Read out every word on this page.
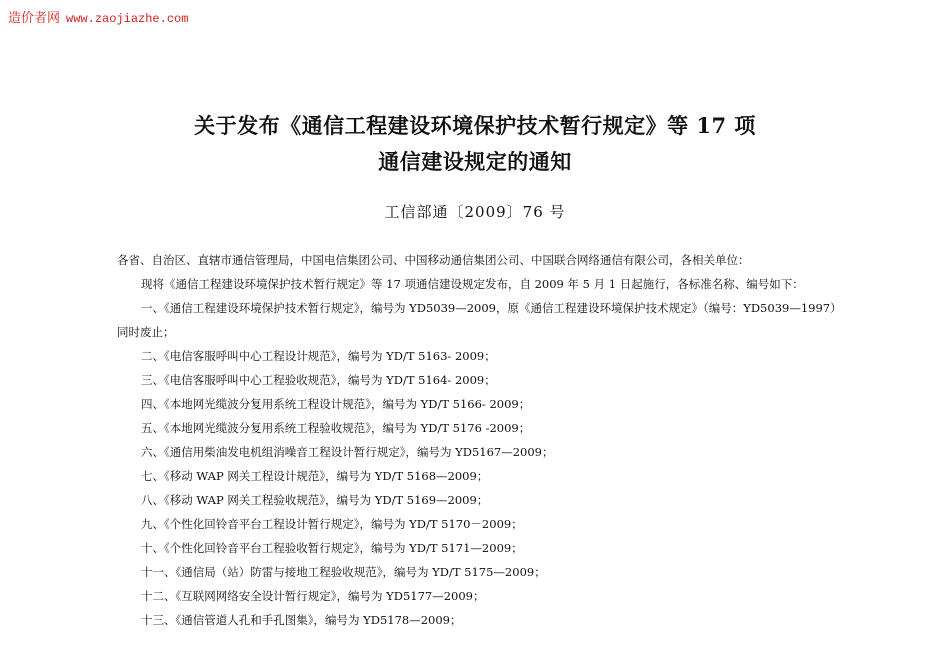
造价者网 www.zaojiazhe.com
关于发布《通信工程建设环境保护技术暂行规定》等 17 项
通信建设规定的通知
工信部通〔2009〕76 号
各省、自治区、直辖市通信管理局，中国电信集团公司、中国移动通信集团公司、中国联合网络通信有限公司，各相关单位：
现将《通信工程建设环境保护技术暂行规定》等 17 项通信建设规定发布，自 2009 年 5 月 1 日起施行，各标准名称、编号如下：
一、《通信工程建设环境保护技术暂行规定》，编号为 YD5039—2009，原《通信工程建设环境保护技术规定》（编号：YD5039—1997）
同时废止；
二、《电信客服呼叫中心工程设计规范》，编号为 YD/T 5163- 2009；
三、《电信客服呼叫中心工程验收规范》，编号为 YD/T 5164- 2009；
四、《本地网光缆波分复用系统工程设计规范》，编号为 YD/T 5166- 2009；
五、《本地网光缆波分复用系统工程验收规范》，编号为 YD/T 5176 -2009；
六、《通信用柴油发电机组消噪音工程设计暂行规定》，编号为 YD5167—2009；
七、《移动 WAP 网关工程设计规范》，编号为 YD/T 5168—2009；
八、《移动 WAP 网关工程验收规范》，编号为 YD/T 5169—2009；
九、《个性化回铃音平台工程设计暂行规定》，编号为 YD/T 5170－2009；
十、《个性化回铃音平台工程验收暂行规定》，编号为 YD/T 5171—2009；
十一、《通信局（站）防雷与接地工程验收规范》，编号为 YD/T 5175—2009；
十二、《互联网网络安全设计暂行规定》，编号为 YD5177—2009；
十三、《通信管道人孔和手孔图集》，编号为 YD5178—2009；
